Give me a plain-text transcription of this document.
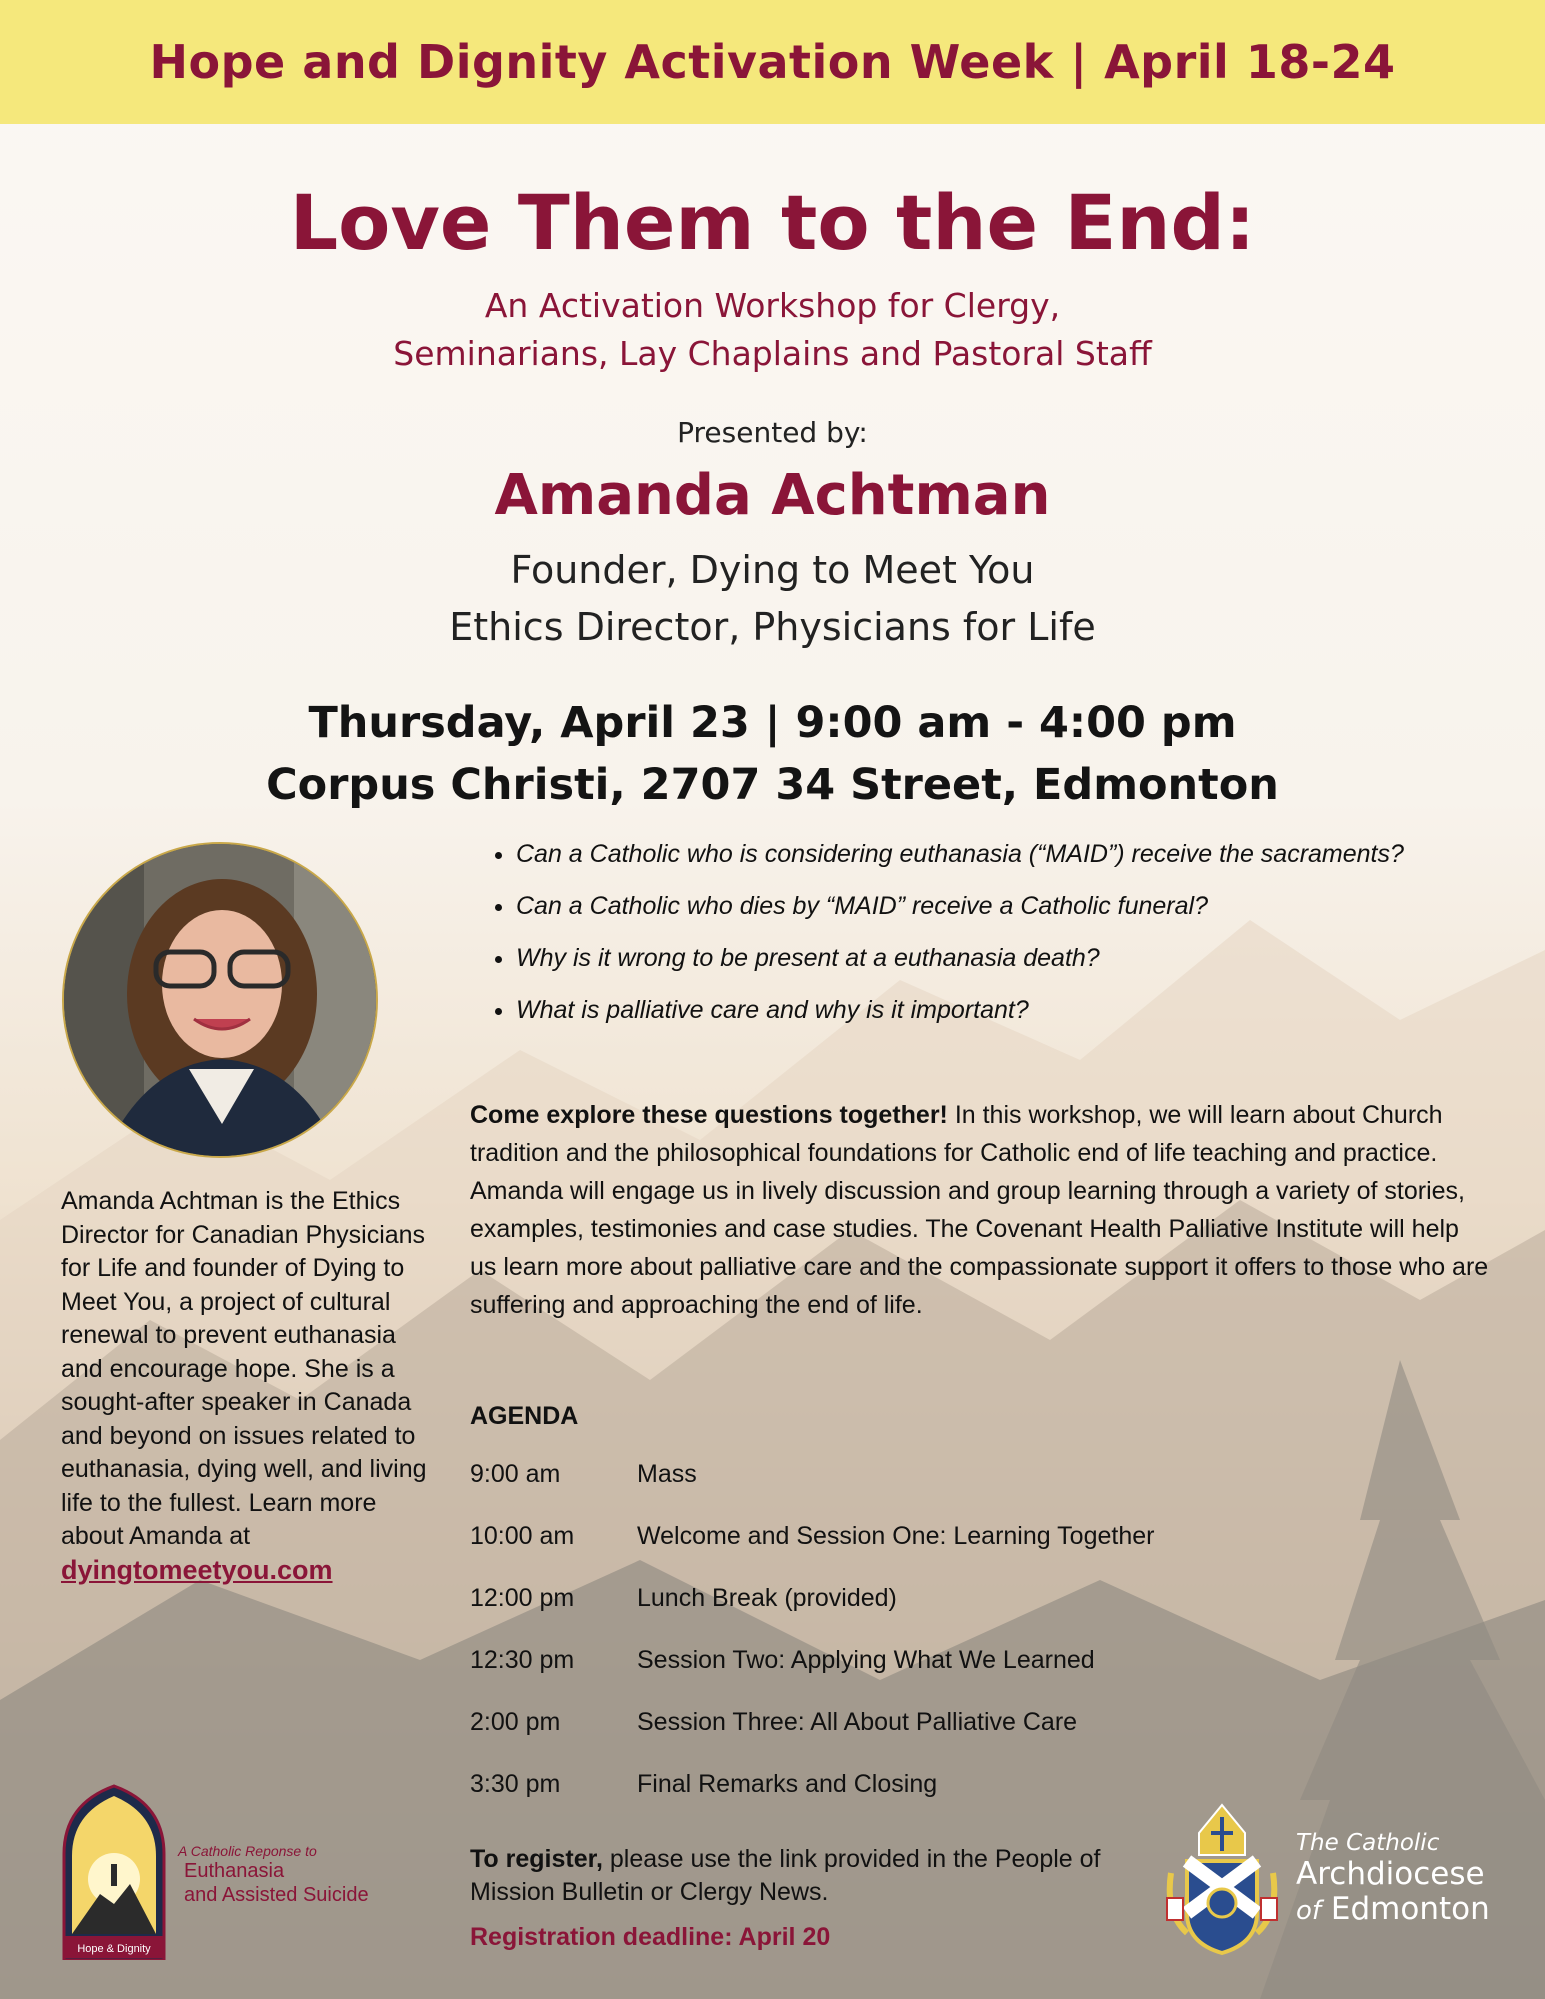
Hope and Dignity Activation Week | April 18-24
Love Them to the End:
An Activation Workshop for Clergy,
Seminarians, Lay Chaplains and Pastoral Staff
Presented by:
Amanda Achtman
Founder, Dying to Meet You
Ethics Director, Physicians for Life
Thursday, April 23 | 9:00 am - 4:00 pm
Corpus Christi, 2707 34 Street, Edmonton
Amanda Achtman is the Ethics Director for Canadian Physicians for Life and founder of Dying to Meet You, a project of cultural renewal to prevent euthanasia and encourage hope. She is a sought-after speaker in Canada and beyond on issues related to euthanasia, dying well, and living life to the fullest. Learn more about Amanda at
dyingtomeetyou.com
• Can a Catholic who is considering euthanasia (“MAID”) receive the sacraments?
• Can a Catholic who dies by “MAID” receive a Catholic funeral?
• Why is it wrong to be present at a euthanasia death?
• What is palliative care and why is it important?

Come explore these questions together! In this workshop, we will learn about Church tradition and the philosophical foundations for Catholic end of life teaching and practice. Amanda will engage us in lively discussion and group learning through a variety of stories, examples, testimonies and case studies. The Covenant Health Palliative Institute will help us learn more about palliative care and the compassionate support it offers to those who are suffering and approaching the end of life.

AGENDA
9:00 am	Mass
10:00 am	Welcome and Session One: Learning Together
12:00 pm	Lunch Break (provided)
12:30 pm	Session Two: Applying What We Learned
2:00 pm	Session Three: All About Palliative Care
3:30 pm	Final Remarks and Closing
To register, please use the link provided in the People of Mission Bulletin or Clergy News.
Registration deadline: April 20
Hope & Dignity
A Catholic Reponse to
Euthanasia
and Assisted Suicide
The Catholic
Archdiocese
of Edmonton
